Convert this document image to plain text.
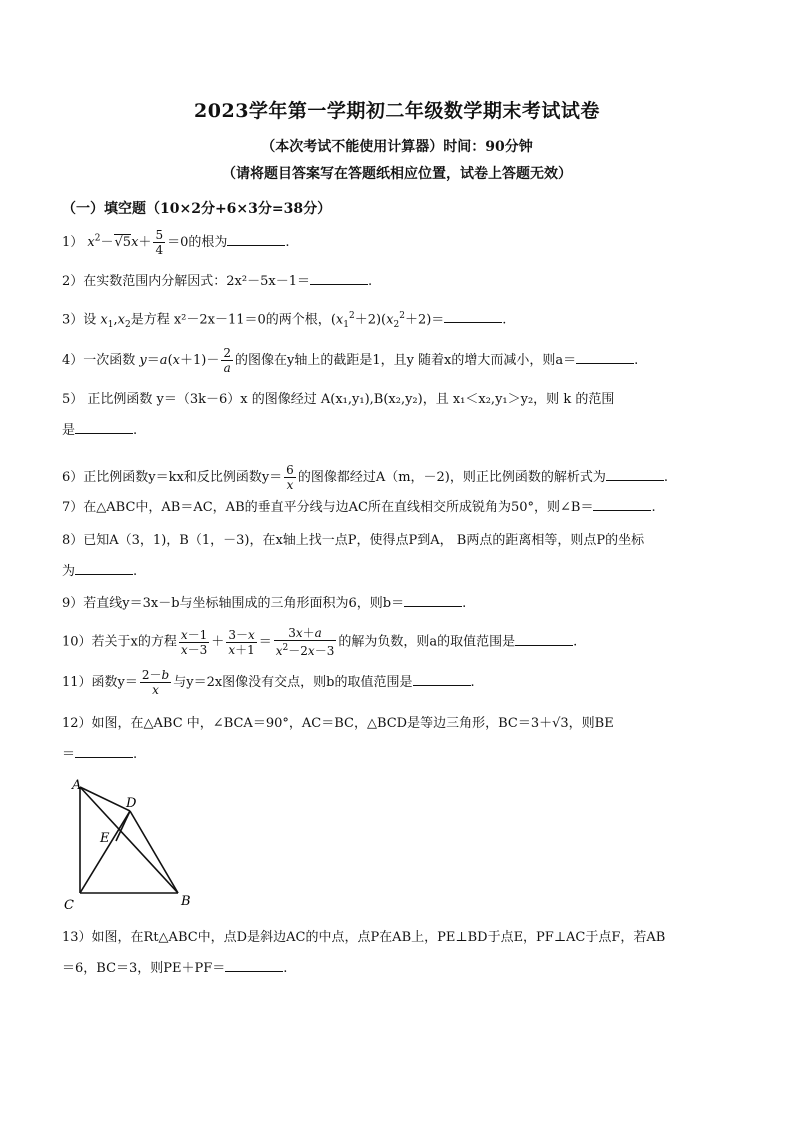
2023学年第一学期初二年级数学期末考试试卷
（本次考试不能使用计算器）时间：90分钟
（请将题目答案写在答题纸相应位置，试卷上答题无效）
（一）填空题（10×2分+6×3分=38分）
1） $x^2-√5x+ \frac{5}{4} =0$的根为	.
2）在实数范围内分解因式：2x²－5x－1＝	.
3）设 $x_1,x_2$是方程 x²－2x－11＝0的两个根，$(x_1^2+2)(x_2^2+2)=$	.
4）一次函数 $y=a(x+1)- \frac{2}{a}$ 的图像在y轴上的截距是1，且y 随着x的增大而减小，则a＝	.
5） 正比例函数 y＝（3k－6）x 的图像经过 A(x₁,y₁),B(x₂,y₂)，且 x₁＜x₂,y₁＞y₂，则 k 的范围
是	.
6）正比例函数y＝kx和反比例函数$y= \frac{6}{x}$ 的图像都经过A（m，－2)，则正比例函数的解析式为	.
7）在△ABC中，AB＝AC，AB的垂直平分线与边AC所在直线相交所成锐角为50°，则∠B＝	.
8）已知A（3，1)，B（1，－3)，在x轴上找一点P，使得点P到A， B两点的距离相等，则点P的坐标
为	.
9）若直线y＝3x－b与坐标轴围成的三角形面积为6，则b＝	.
10）若关于x的方程 $\frac{x-1}{x-3} + \frac{3-x}{x+1} = \frac{3x+a}{x^2-2x-3}$ 的解为负数，则a的取值范围是	.
11）函数$y= \frac{2-b}{x}$ 与y＝2x图像没有交点，则b的取值范围是	.
12）如图，在△ABC 中，∠BCA＝90°，AC＝BC，△BCD是等边三角形，BC＝3＋√3，则BE
＝	.
A
D
E
C	B
13）如图，在Rt△ABC中，点D是斜边AC的中点，点P在AB上，PE⊥BD于点E，PF⊥AC于点F，若AB
＝6，BC＝3，则PE＋PF＝	.
